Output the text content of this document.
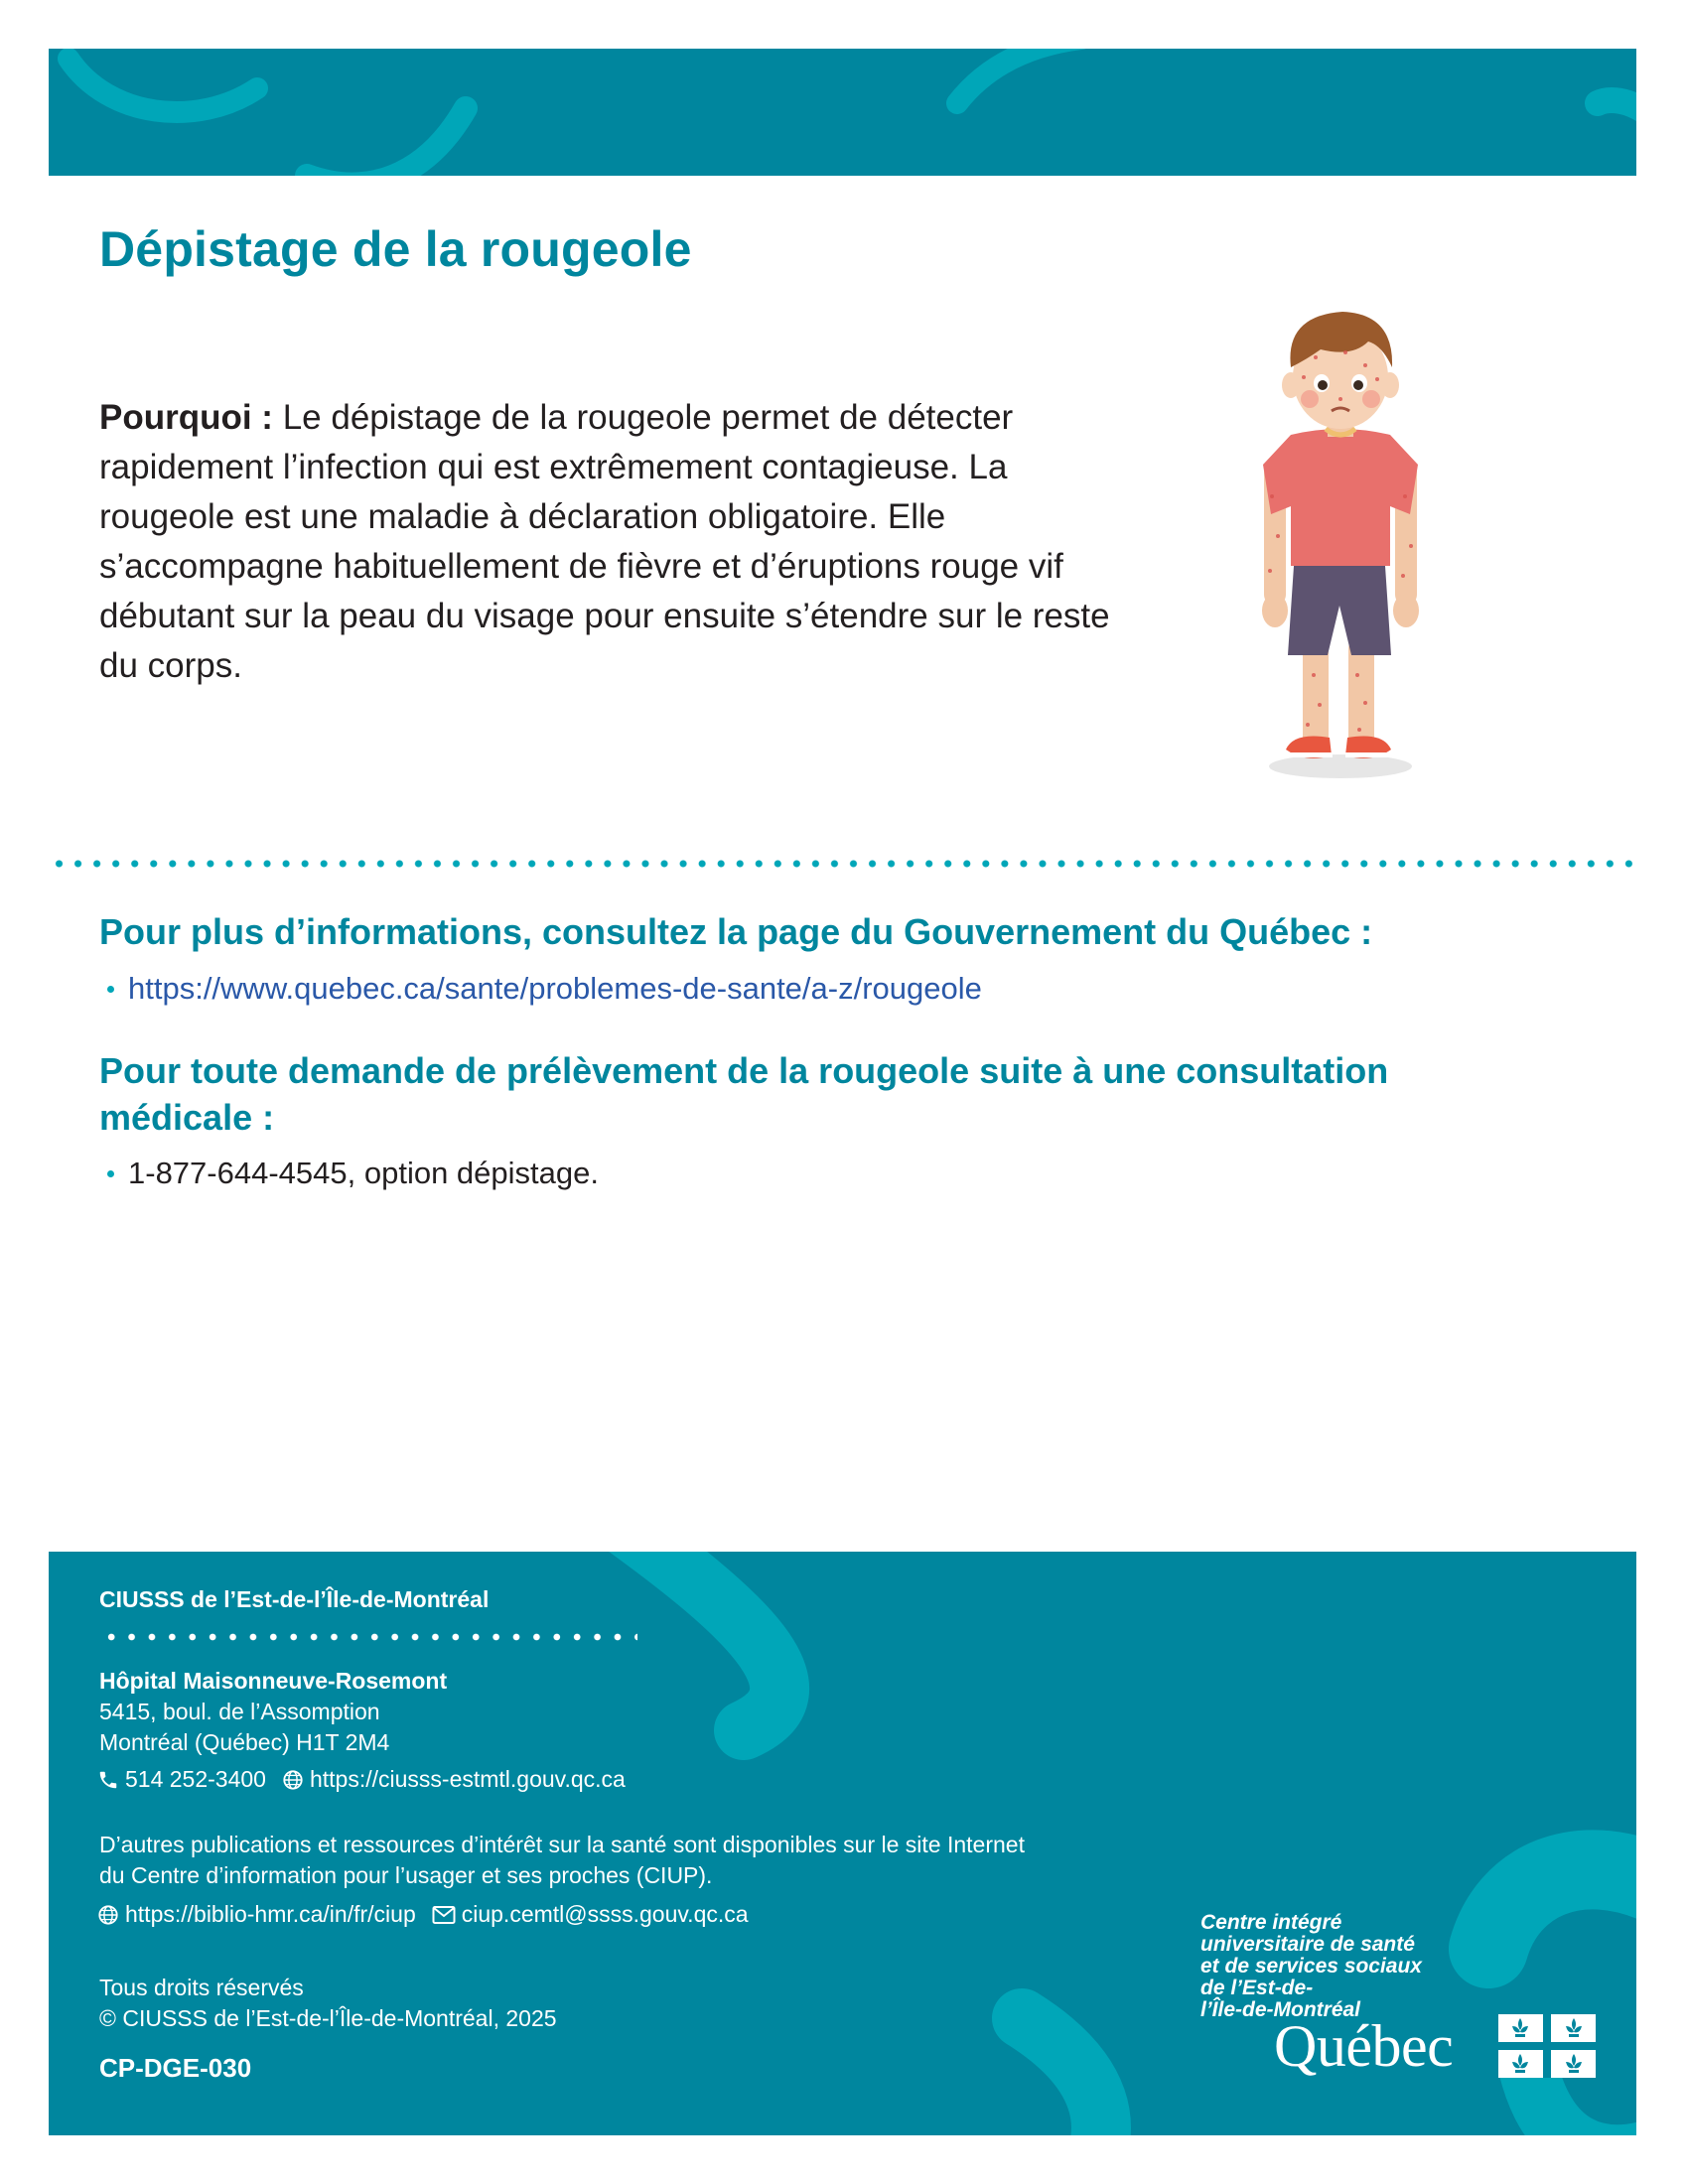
Dépistage de la rougeole

Pourquoi : Le dépistage de la rougeole permet de détecter rapidement l’infection qui est extrêmement contagieuse. La rougeole est une maladie à déclaration obligatoire. Elle s’accompagne habituellement de fièvre et d’éruptions rouge vif débutant sur la peau du visage pour ensuite s’étendre sur le reste du corps.

Pour plus d’informations, consultez la page du Gouvernement du Québec :
https://www.quebec.ca/sante/problemes-de-sante/a-z/rougeole
Pour toute demande de prélèvement de la rougeole suite à une consultation médicale :
1-877-644-4545, option dépistage.
CIUSSS de l’Est-de-l’Île-de-Montréal
Hôpital Maisonneuve-Rosemont
5415, boul. de l’Assomption
Montréal (Québec) H1T 2M4
514 252-3400 https://ciusss-estmtl.gouv.qc.ca
D’autres publications et ressources d’intérêt sur la santé sont disponibles sur le site Internet du Centre d’information pour l’usager et ses proches (CIUP).
https://biblio-hmr.ca/in/fr/ciup ciup.cemtl@ssss.gouv.qc.ca
Tous droits réservés
© CIUSSS de l’Est-de-l’Île-de-Montréal, 2025
CP-DGE-030
Centre intégré
universitaire de santé
et de services sociaux
de l’Est-de-
l’Île-de-Montréal
Québec
